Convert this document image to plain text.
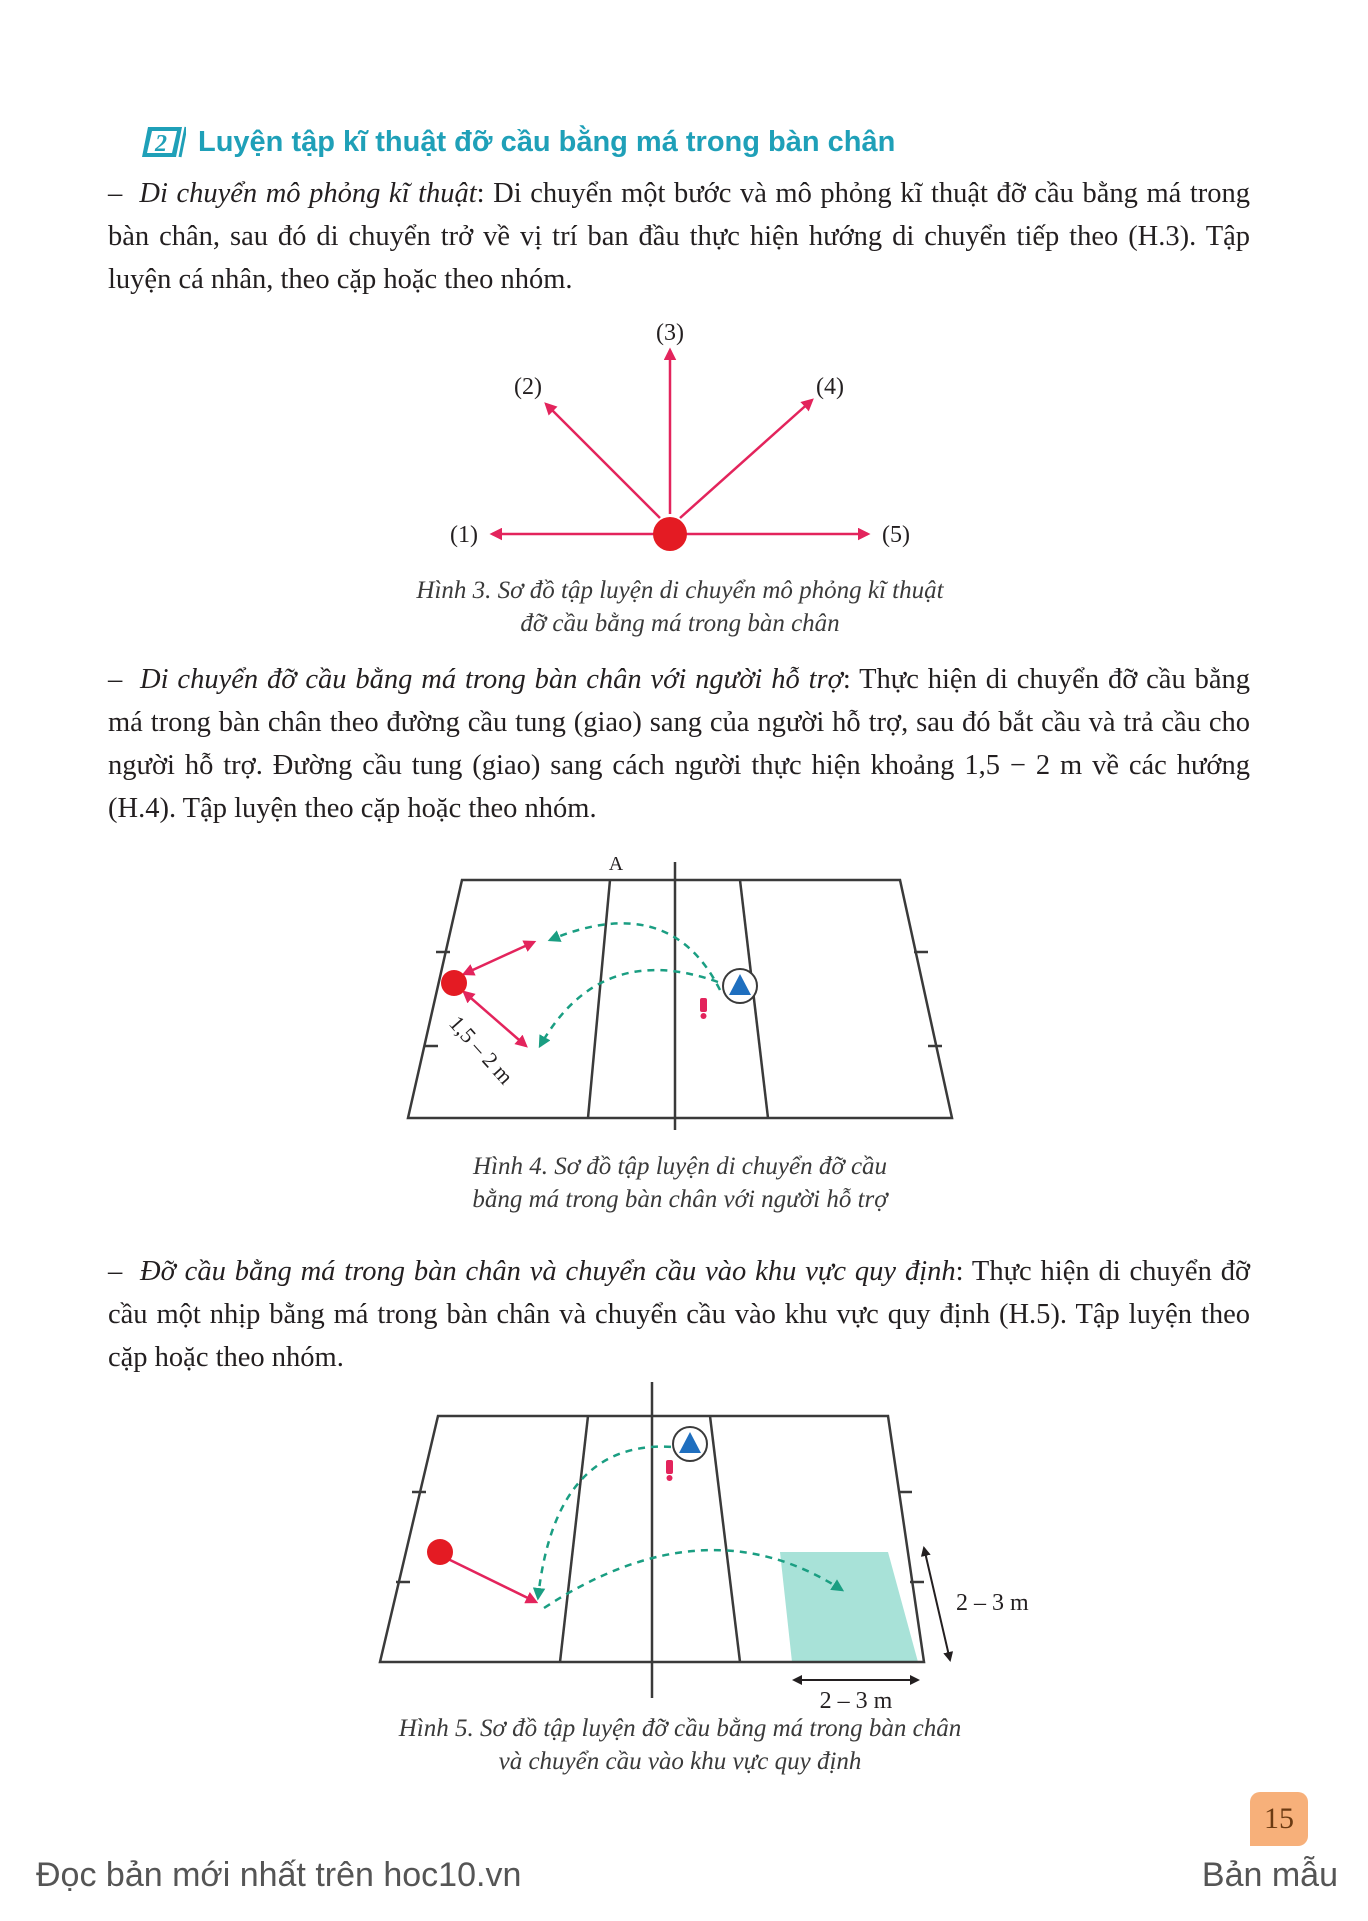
2 Luyện tập kĩ thuật đỡ cầu bằng má trong bàn chân
– Di chuyển mô phỏng kĩ thuật: Di chuyển một bước và mô phỏng kĩ thuật đỡ cầu bằng má trong bàn chân, sau đó di chuyển trở về vị trí ban đầu thực hiện hướng di chuyển tiếp theo (H.3). Tập luyện cá nhân, theo cặp hoặc theo nhóm.
(3)
(2)	(4)
(1)	(5)
Hình 3. Sơ đồ tập luyện di chuyển mô phỏng kĩ thuật
đỡ cầu bằng má trong bàn chân
– Di chuyển đỡ cầu bằng má trong bàn chân với người hỗ trợ: Thực hiện di chuyển đỡ cầu bằng má trong bàn chân theo đường cầu tung (giao) sang của người hỗ trợ, sau đó bắt cầu và trả cầu cho người hỗ trợ. Đường cầu tung (giao) sang cách người thực hiện khoảng 1,5 − 2 m về các hướng (H.4). Tập luyện theo cặp hoặc theo nhóm.
A
1,5 – 2 m
Hình 4. Sơ đồ tập luyện di chuyển đỡ cầu
bằng má trong bàn chân với người hỗ trợ
– Đỡ cầu bằng má trong bàn chân và chuyển cầu vào khu vực quy định: Thực hiện di chuyển đỡ cầu một nhịp bằng má trong bàn chân và chuyển cầu vào khu vực quy định (H.5). Tập luyện theo cặp hoặc theo nhóm.
2 – 3 m
2 – 3 m
Hình 5. Sơ đồ tập luyện đỡ cầu bằng má trong bàn chân
và chuyển cầu vào khu vực quy định
15
Đọc bản mới nhất trên hoc10.vn	Bản mẫu
